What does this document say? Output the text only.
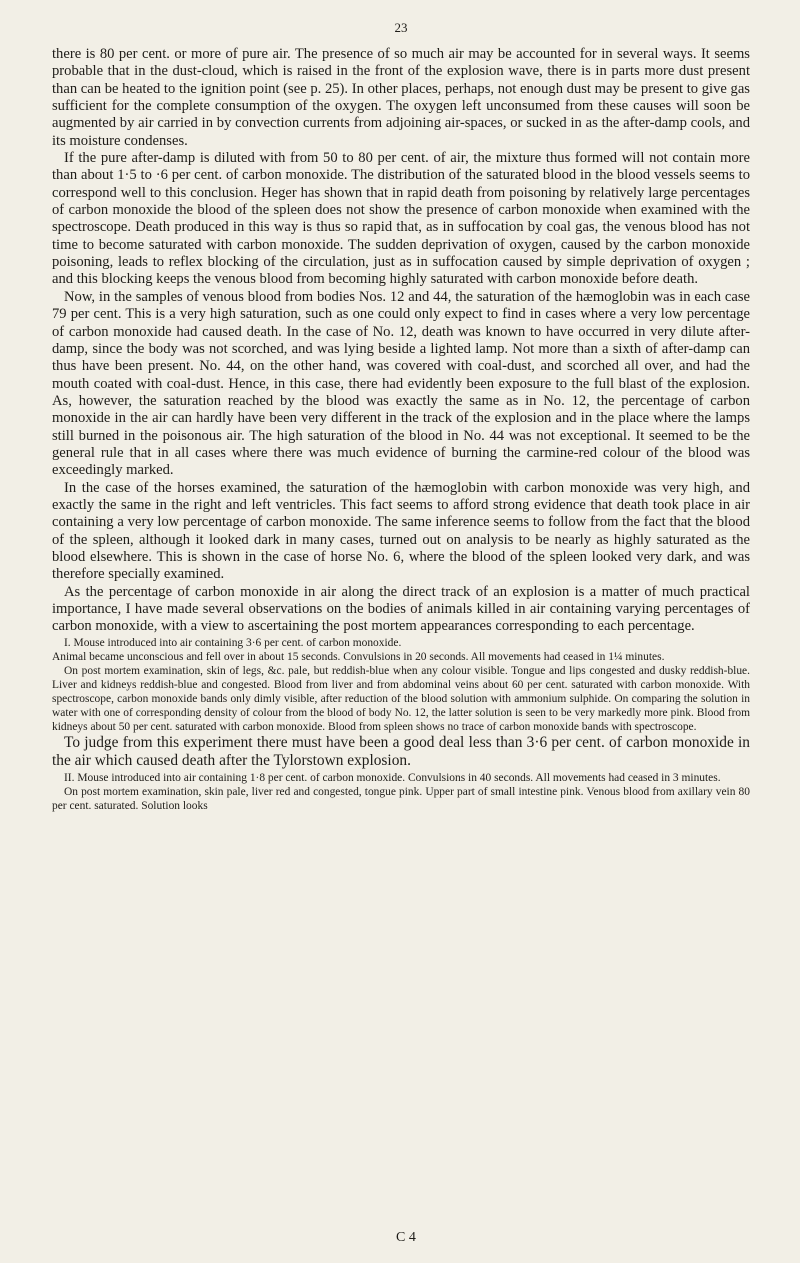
23

there is 80 per cent. or more of pure air. The presence of so much air may be accounted for in several ways. It seems probable that in the dust-cloud, which is raised in the front of the explosion wave, there is in parts more dust present than can be heated to the ignition point (see p. 25). In other places, perhaps, not enough dust may be present to give gas sufficient for the complete consumption of the oxygen. The oxygen left unconsumed from these causes will soon be augmented by air carried in by convection currents from adjoining air-spaces, or sucked in as the after-damp cools, and its moisture condenses.

If the pure after-damp is diluted with from 50 to 80 per cent. of air, the mixture thus formed will not contain more than about 1·5 to ·6 per cent. of carbon monoxide. The distribution of the saturated blood in the blood vessels seems to correspond well to this conclusion. Heger has shown that in rapid death from poisoning by relatively large percentages of carbon monoxide the blood of the spleen does not show the presence of carbon monoxide when examined with the spectroscope. Death produced in this way is thus so rapid that, as in suffocation by coal gas, the venous blood has not time to become saturated with carbon monoxide. The sudden deprivation of oxygen, caused by the carbon monoxide poisoning, leads to reflex blocking of the circulation, just as in suffocation caused by simple deprivation of oxygen ; and this blocking keeps the venous blood from becoming highly saturated with carbon monoxide before death.

Now, in the samples of venous blood from bodies Nos. 12 and 44, the saturation of the hæmoglobin was in each case 79 per cent. This is a very high saturation, such as one could only expect to find in cases where a very low percentage of carbon monoxide had caused death. In the case of No. 12, death was known to have occurred in very dilute after-damp, since the body was not scorched, and was lying beside a lighted lamp. Not more than a sixth of after-damp can thus have been present. No. 44, on the other hand, was covered with coal-dust, and scorched all over, and had the mouth coated with coal-dust. Hence, in this case, there had evidently been exposure to the full blast of the explosion. As, however, the saturation reached by the blood was exactly the same as in No. 12, the percentage of carbon monoxide in the air can hardly have been very different in the track of the explosion and in the place where the lamps still burned in the poisonous air. The high saturation of the blood in No. 44 was not exceptional. It seemed to be the general rule that in all cases where there was much evidence of burning the carmine-red colour of the blood was exceedingly marked.

In the case of the horses examined, the saturation of the hæmoglobin with carbon monoxide was very high, and exactly the same in the right and left ventricles. This fact seems to afford strong evidence that death took place in air containing a very low percentage of carbon monoxide. The same inference seems to follow from the fact that the blood of the spleen, although it looked dark in many cases, turned out on analysis to be nearly as highly saturated as the blood elsewhere. This is shown in the case of horse No. 6, where the blood of the spleen looked very dark, and was therefore specially examined.

As the percentage of carbon monoxide in air along the direct track of an explosion is a matter of much practical importance, I have made several observations on the bodies of animals killed in air containing varying percentages of carbon monoxide, with a view to ascertaining the post mortem appearances corresponding to each percentage.

I. Mouse introduced into air containing 3·6 per cent. of carbon monoxide.

Animal became unconscious and fell over in about 15 seconds. Convulsions in 20 seconds. All movements had ceased in 1¼ minutes.

On post mortem examination, skin of legs, &c. pale, but reddish-blue when any colour visible. Tongue and lips congested and dusky reddish-blue. Liver and kidneys reddish-blue and congested. Blood from liver and from abdominal veins about 60 per cent. saturated with carbon monoxide. With spectroscope, carbon monoxide bands only dimly visible, after reduction of the blood solution with ammonium sulphide. On comparing the solution in water with one of corresponding density of colour from the blood of body No. 12, the latter solution is seen to be very markedly more pink. Blood from kidneys about 50 per cent. saturated with carbon monoxide. Blood from spleen shows no trace of carbon monoxide bands with spectroscope.

To judge from this experiment there must have been a good deal less than 3·6 per cent. of carbon monoxide in the air which caused death after the Tylorstown explosion.

II. Mouse introduced into air containing 1·8 per cent. of carbon monoxide. Convulsions in 40 seconds. All movements had ceased in 3 minutes.

On post mortem examination, skin pale, liver red and congested, tongue pink. Upper part of small intestine pink. Venous blood from axillary vein 80 per cent. saturated. Solution looks

C 4
